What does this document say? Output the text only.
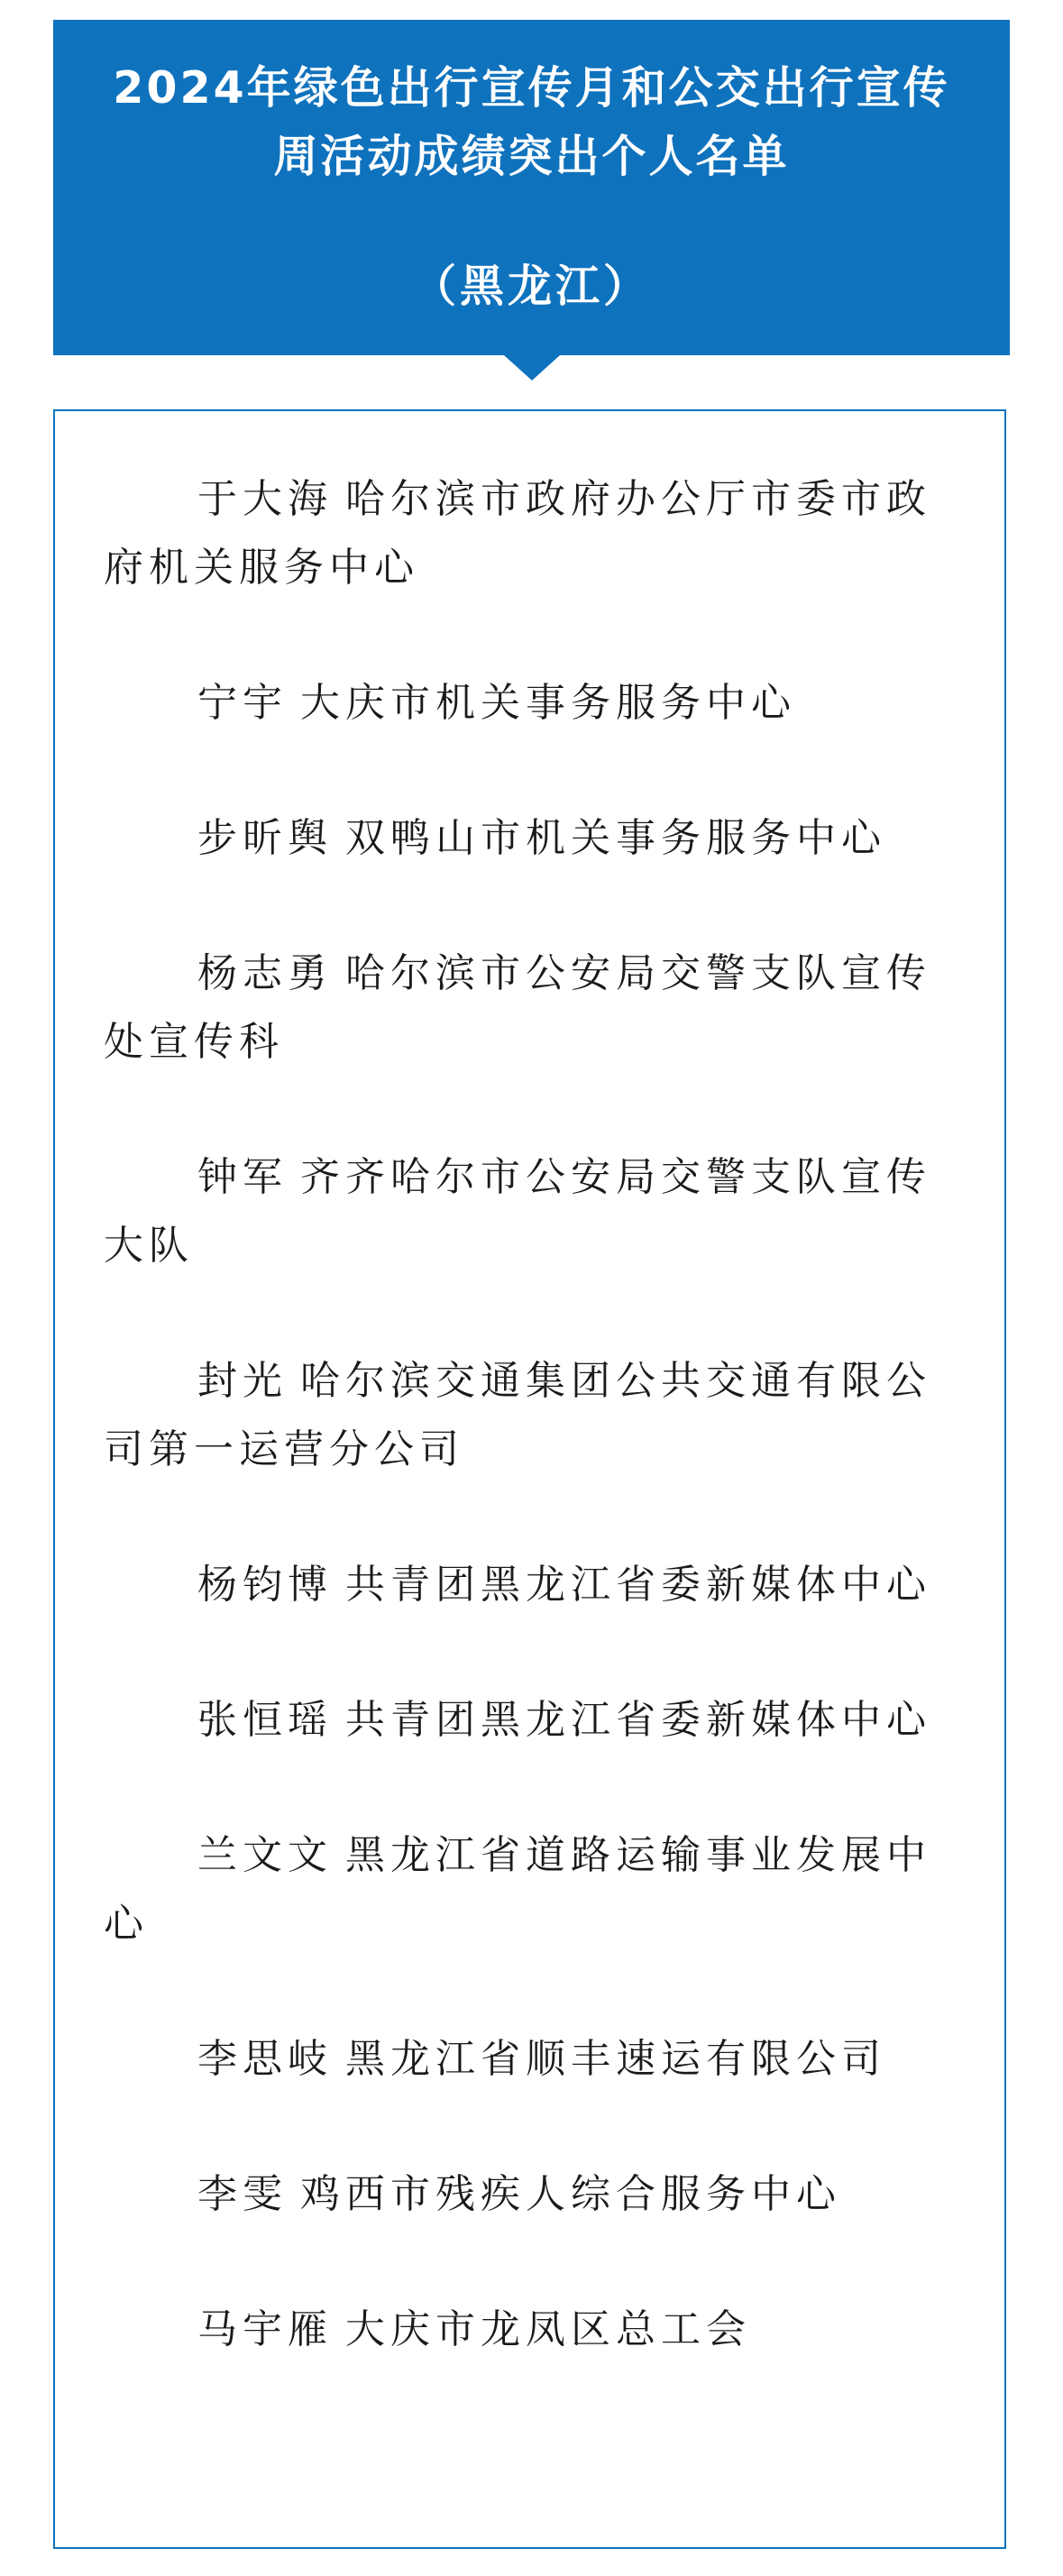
2024年绿色出行宣传月和公交出行宣传
周活动成绩突出个人名单
（黑龙江）

于大海 哈尔滨市政府办公厅市委市政府机关服务中心

宁宇 大庆市机关事务服务中心

步昕舆 双鸭山市机关事务服务中心

杨志勇 哈尔滨市公安局交警支队宣传处宣传科

钟军 齐齐哈尔市公安局交警支队宣传大队

封光 哈尔滨交通集团公共交通有限公司第一运营分公司

杨钧博 共青团黑龙江省委新媒体中心

张恒瑶 共青团黑龙江省委新媒体中心

兰文文 黑龙江省道路运输事业发展中心

李思岐 黑龙江省顺丰速运有限公司

李雯 鸡西市残疾人综合服务中心

马宇雁 大庆市龙凤区总工会
